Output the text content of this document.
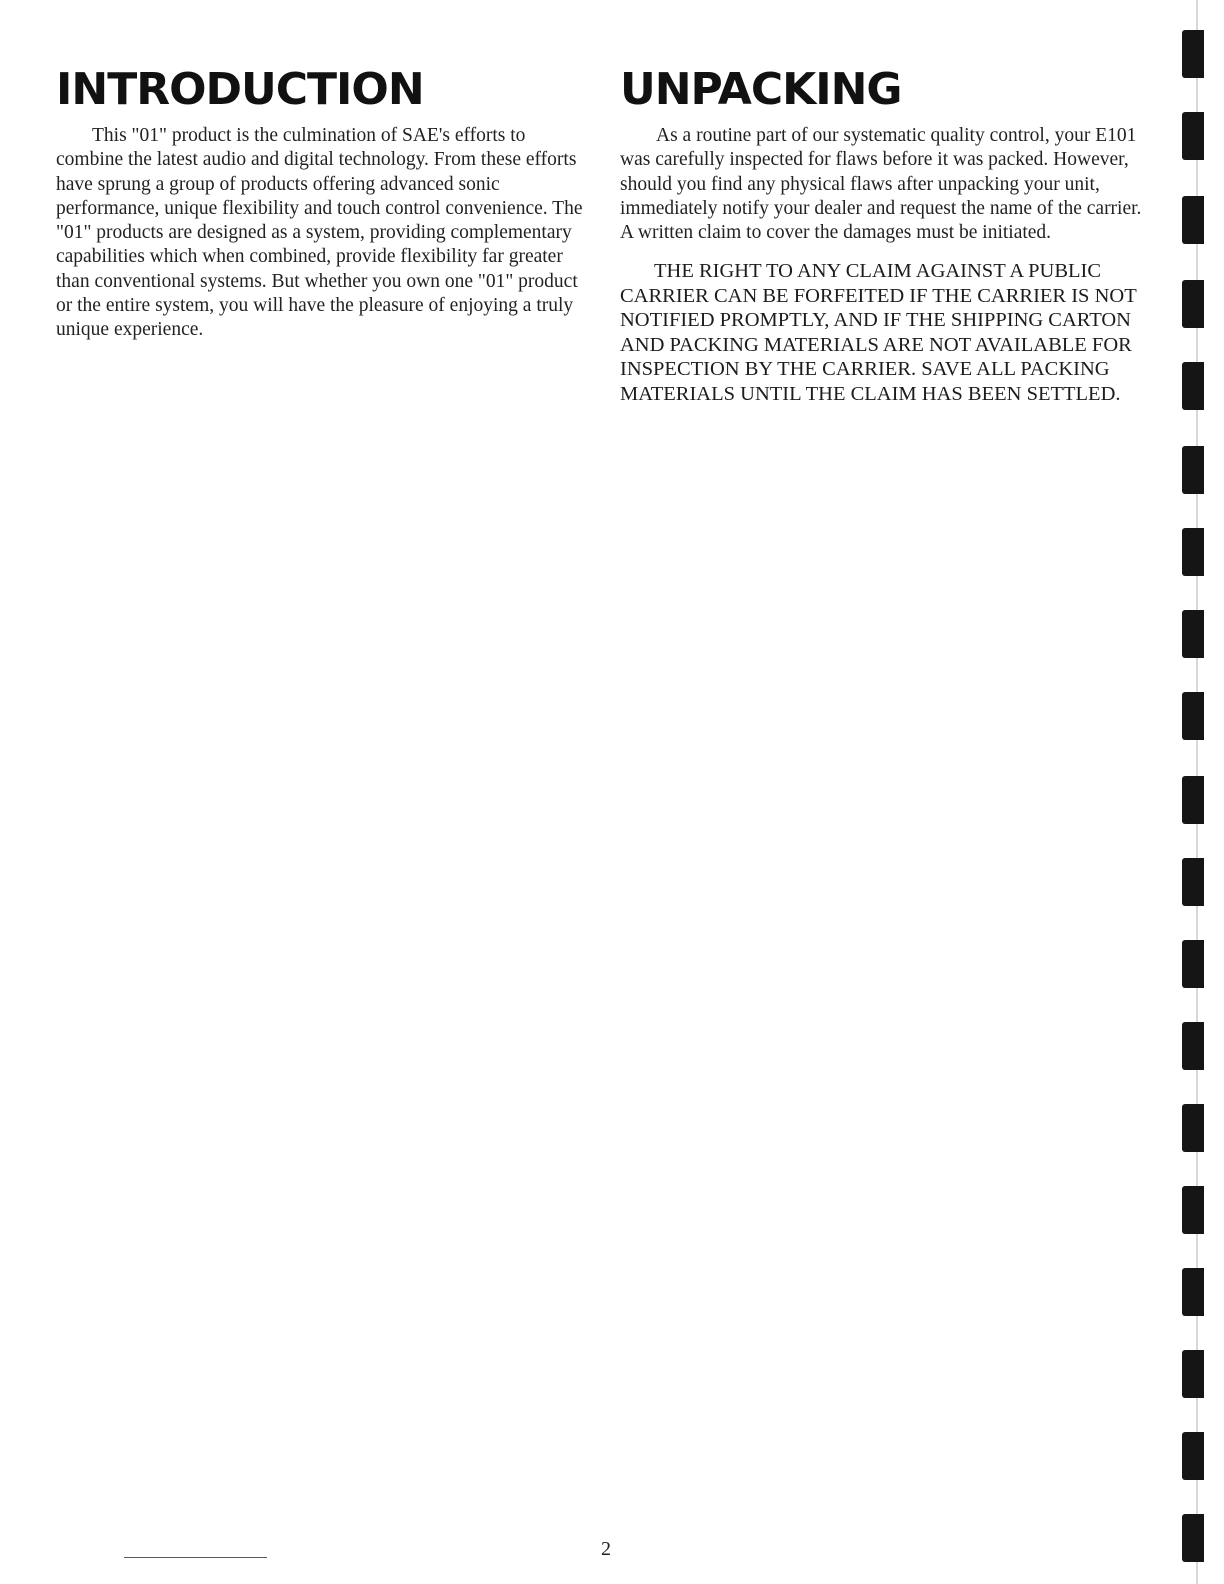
INTRODUCTION

This "01" product is the culmination of SAE's efforts to combine the latest audio and digital technology. From these efforts have sprung a group of products offering advanced sonic performance, unique flexibility and touch control convenience. The "01" products are designed as a system, providing complementary capabilities which when combined, provide flexibility far greater than conventional systems. But whether you own one "01" product or the entire system, you will have the pleasure of enjoying a truly unique experience.

UNPACKING

As a routine part of our systematic quality control, your E101 was carefully inspected for flaws before it was packed. However, should you find any physical flaws after unpacking your unit, immediately notify your dealer and request the name of the carrier. A written claim to cover the damages must be initiated.

THE RIGHT TO ANY CLAIM AGAINST A PUBLIC CARRIER CAN BE FORFEITED IF THE CARRIER IS NOT NOTIFIED PROMPTLY, AND IF THE SHIPPING CARTON AND PACKING MATERIALS ARE NOT AVAILABLE FOR INSPECTION BY THE CARRIER. SAVE ALL PACKING MATERIALS UNTIL THE CLAIM HAS BEEN SETTLED.

2
